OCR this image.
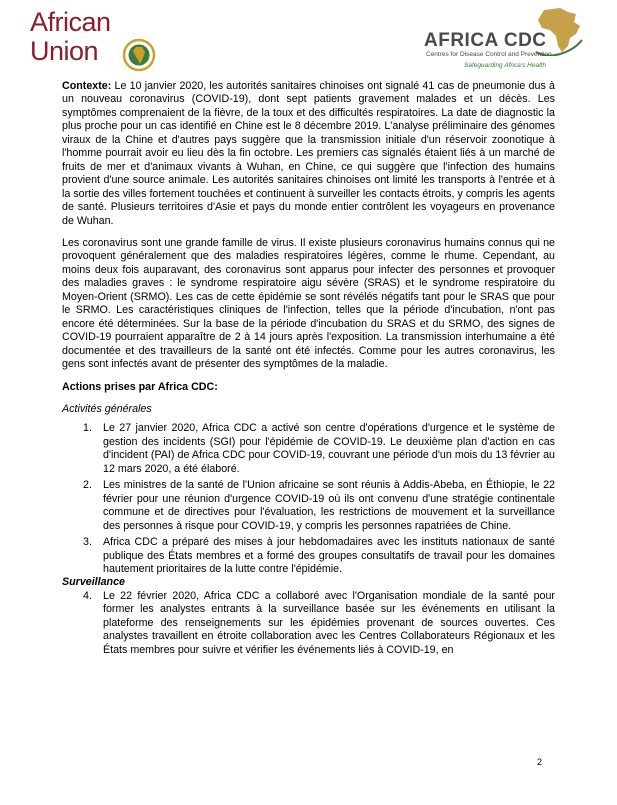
African
Union	AFRICA CDC
Centres for Disease Control and Prevention
Safeguarding Africa's Health

Contexte: Le 10 janvier 2020, les autorités sanitaires chinoises ont signalé 41 cas de pneumonie dus à un nouveau coronavirus (COVID-19), dont sept patients gravement malades et un décès. Les symptômes comprenaient de la fièvre, de la toux et des difficultés respiratoires. La date de diagnostic la plus proche pour un cas identifié en Chine est le 8 décembre 2019. L'analyse préliminaire des génomes viraux de la Chine et d'autres pays suggère que la transmission initiale d'un réservoir zoonotique à l'homme pourrait avoir eu lieu dès la fin octobre. Les premiers cas signalés étaient liés à un marché de fruits de mer et d'animaux vivants à Wuhan, en Chine, ce qui suggère que l'infection des humains provient d'une source animale. Les autorités sanitaires chinoises ont limité les transports à l'entrée et à la sortie des villes fortement touchées et continuent à surveiller les contacts étroits, y compris les agents de santé. Plusieurs territoires d'Asie et pays du monde entier contrôlent les voyageurs en provenance de Wuhan.

Les coronavirus sont une grande famille de virus. Il existe plusieurs coronavirus humains connus qui ne provoquent généralement que des maladies respiratoires légères, comme le rhume. Cependant, au moins deux fois auparavant, des coronavirus sont apparus pour infecter des personnes et provoquer des maladies graves : le syndrome respiratoire aigu sévère (SRAS) et le syndrome respiratoire du Moyen-Orient (SRMO). Les cas de cette épidémie se sont révélés négatifs tant pour le SRAS que pour le SRMO. Les caractéristiques cliniques de l'infection, telles que la période d'incubation, n'ont pas encore été déterminées. Sur la base de la période d'incubation du SRAS et du SRMO, des signes de COVID-19 pourraient apparaître de 2 à 14 jours après l'exposition. La transmission interhumaine a été documentée et des travailleurs de la santé ont été infectés. Comme pour les autres coronavirus, les gens sont infectés avant de présenter des symptômes de la maladie.

Actions prises par Africa CDC:

Activités générales

1. Le 27 janvier 2020, Africa CDC a activé son centre d'opérations d'urgence et le système de gestion des incidents (SGI) pour l'épidémie de COVID-19. Le deuxième plan d'action en cas d'incident (PAI) de Africa CDC pour COVID-19, couvrant une période d'un mois du 13 février au 12 mars 2020, a été élaboré.
2. Les ministres de la santé de l'Union africaine se sont réunis à Addis-Abeba, en Éthiopie, le 22 février pour une réunion d'urgence COVID-19 où ils ont convenu d'une stratégie continentale commune et de directives pour l'évaluation, les restrictions de mouvement et la surveillance des personnes à risque pour COVID-19, y compris les personnes rapatriées de Chine.
3. Africa CDC a préparé des mises à jour hebdomadaires avec les instituts nationaux de santé publique des États membres et a formé des groupes consultatifs de travail pour les domaines hautement prioritaires de la lutte contre l'épidémie.

Surveillance

4. Le 22 février 2020, Africa CDC a collaboré avec l'Organisation mondiale de la santé pour former les analystes entrants à la surveillance basée sur les événements en utilisant la plateforme des renseignements sur les épidémies provenant de sources ouvertes. Ces analystes travaillent en étroite collaboration avec les Centres Collaborateurs Régionaux et les États membres pour suivre et vérifier les événements liés à COVID-19, en
2
